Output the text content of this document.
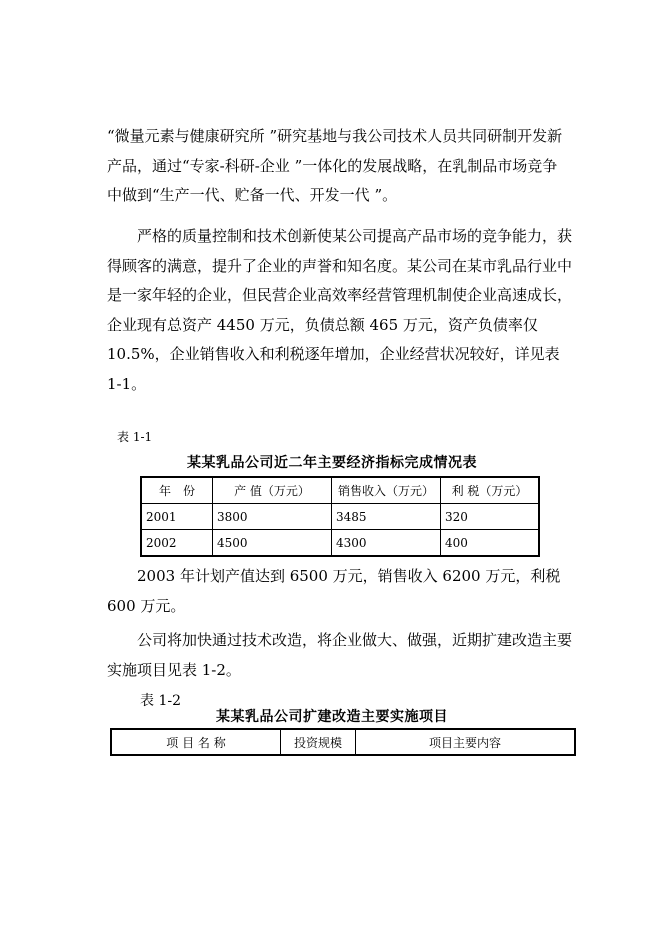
“微量元素与健康研究所 ”研究基地与我公司技术人员共同研制开发新产品，通过“专家-科研-企业 ”一体化的发展战略，在乳制品市场竞争中做到“生产一代、贮备一代、开发一代 ”。

严格的质量控制和技术创新使某公司提高产品市场的竞争能力，获得顾客的满意，提升了企业的声誉和知名度。某公司在某市乳品行业中是一家年轻的企业，但民营企业高效率经营管理机制使企业高速成长，企业现有总资产 4450 万元，负债总额 465 万元，资产负债率仅 10.5%，企业销售收入和利税逐年增加，企业经营状况较好，详见表 1-1。

表 1-1

某某乳品公司近二年主要经济指标完成情况表

年　份	产 值（万元）	销售收入（万元）	利 税（万元）
2001	3800	3485	320
2002	4500	4300	400

2003 年计划产值达到 6500 万元，销售收入 6200 万元，利税 600 万元。

公司将加快通过技术改造，将企业做大、做强，近期扩建改造主要实施项目见表 1-2。

表 1-2

某某乳品公司扩建改造主要实施项目

项 目 名 称	投资规模	项目主要内容
